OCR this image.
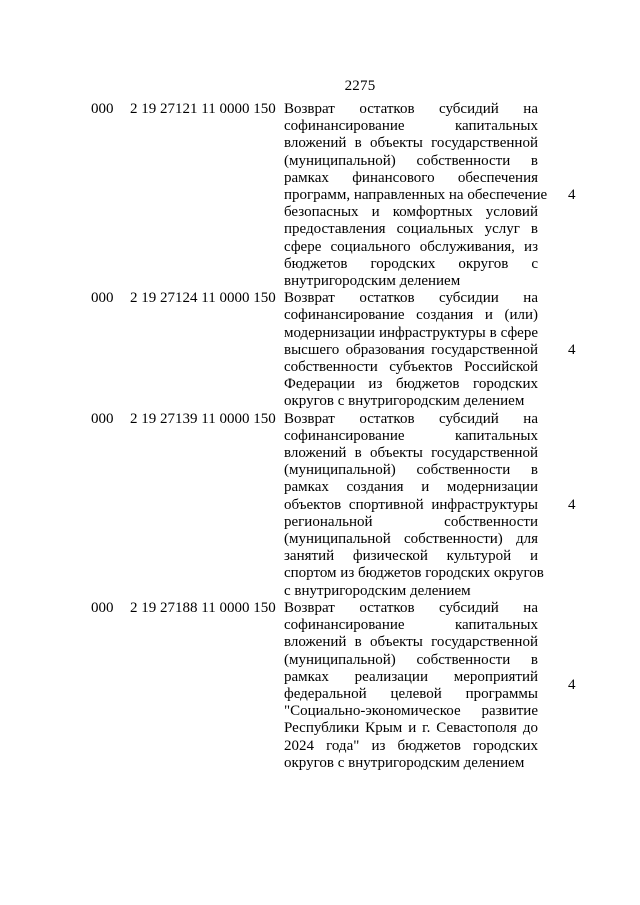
2275
000 2 19 27121 11 0000 150
4
Возврат остатков субсидий на
софинансирование капитальных
вложений в объекты государственной
(муниципальной) собственности в
рамках финансового обеспечения
программ, направленных на обеспечение
безопасных и комфортных условий
предоставления социальных услуг в
сфере социального обслуживания, из
бюджетов городских округов с
внутригородским делением
000 2 19 27124 11 0000 150
4
Возврат остатков субсидии на
софинансирование создания и (или)
модернизации инфраструктуры в сфере
высшего образования государственной
собственности субъектов Российской
Федерации из бюджетов городских
округов с внутригородским делением
000 2 19 27139 11 0000 150
4
Возврат остатков субсидий на
софинансирование капитальных
вложений в объекты государственной
(муниципальной) собственности в
рамках создания и модернизации
объектов спортивной инфраструктуры
региональной собственности
(муниципальной собственности) для
занятий физической культурой и
спортом из бюджетов городских округов
с внутригородским делением
000 2 19 27188 11 0000 150
4
Возврат остатков субсидий на
софинансирование капитальных
вложений в объекты государственной
(муниципальной) собственности в
рамках реализации мероприятий
федеральной целевой программы
"Социально-экономическое развитие
Республики Крым и г. Севастополя до
2024 года" из бюджетов городских
округов с внутригородским делением
